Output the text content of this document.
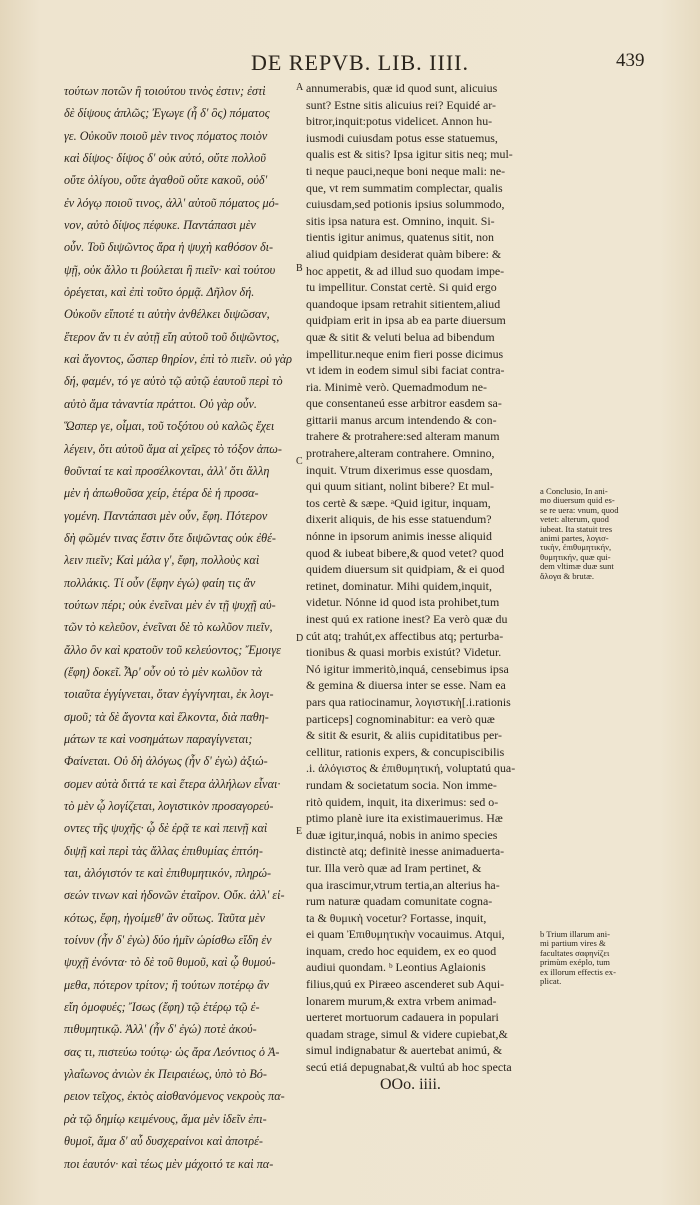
DE REPVB. LIB. IIII.	439
τούτων ποτῶν ἢ τοιούτου τινὸς ἐστιν; ἐστὶ
δὲ δίψους ἁπλῶς; Ἐγωγε (ἦ δ' ὃς) πόματος
γε. Οὐκοῦν ποιοῦ μὲν τινος πόματος ποιὸν
καὶ δίψος· δίψος δ' οὐκ αὐτό, οὔτε πολλοῦ
οὔτε ὀλίγου, οὔτε ἀγαθοῦ οὔτε κακοῦ, οὐδ'
ἐν λόγῳ ποιοῦ τινος, ἀλλ' αὐτοῦ πόματος μό-
νον, αὐτὸ δίψος πέφυκε. Παντάπασι μὲν
οὖν. Τοῦ διψῶντος ἄρα ἡ ψυχὴ καθόσον δι-
ψῇ, οὐκ ἄλλο τι βούλεται ἢ πιεῖν· καὶ τούτου
ὀρέγεται, καὶ ἐπὶ τοῦτο ὁρμᾷ. Δῆλον δή.
Οὐκοῦν εἴποτέ τι αὐτὴν ἀνθέλκει διψῶσαν,
ἕτερον ἄν τι ἐν αὐτῇ εἴη αὐτοῦ τοῦ διψῶντος,
καὶ ἄγοντος, ὥσπερ θηρίον, ἐπὶ τὸ πιεῖν. οὐ γὰρ
δή, φαμέν, τό γε αὐτὸ τῷ αὐτῷ ἑαυτοῦ περὶ τὸ
αὐτὸ ἅμα τἀναντία πράττοι. Οὐ γὰρ οὖν.
Ὥσπερ γε, οἶμαι, τοῦ τοξότου οὐ καλῶς ἔχει
λέγειν, ὅτι αὐτοῦ ἅμα αἱ χεῖρες τὸ τόξον ἀπω-
θοῦνταί τε καὶ προσέλκονται, ἀλλ' ὅτι ἄλλη
μὲν ἡ ἀπωθοῦσα χείρ, ἑτέρα δὲ ἡ προσα-
γομένη. Παντάπασι μὲν οὖν, ἔφη. Πότερον
δὴ φῶμέν τινας ἔστιν ὅτε διψῶντας οὐκ ἐθέ-
λειν πιεῖν; Καὶ μάλα γ', ἔφη, πολλοὺς καὶ
πολλάκις. Τί οὖν (ἔφην ἐγώ) φαίη τις ἂν
τούτων πέρι; οὐκ ἐνεῖναι μὲν ἐν τῇ ψυχῇ αὐ-
τῶν τὸ κελεῦον, ἐνεῖναι δὲ τὸ κωλῦον πιεῖν,
ἄλλο ὂν καὶ κρατοῦν τοῦ κελεύοντος; Ἔμοιγε
(ἔφη) δοκεῖ. Ἆρ' οὖν οὐ τὸ μὲν κωλῦον τὰ
τοιαῦτα ἐγγίγνεται, ὅταν ἐγγίγνηται, ἐκ λογι-
σμοῦ; τὰ δὲ ἄγοντα καὶ ἕλκοντα, διὰ παθη-
μάτων τε καὶ νοσημάτων παραγίγνεται;
Φαίνεται. Οὐ δὴ ἀλόγως (ἦν δ' ἐγὼ) ἀξιώ-
σομεν αὐτὰ διττά τε καὶ ἕτερα ἀλλήλων εἶναι·
τὸ μὲν ᾧ λογίζεται, λογιστικὸν προσαγορεύ-
οντες τῆς ψυχῆς· ᾧ δὲ ἐρᾷ τε καὶ πεινῇ καὶ
διψῇ καὶ περὶ τὰς ἄλλας ἐπιθυμίας ἐπτόη-
ται, ἀλόγιστόν τε καὶ ἐπιθυμητικόν, πληρώ-
σεών τινων καὶ ἡδονῶν ἑταῖρον. Οὔκ. ἀλλ' εἰ-
κότως, ἔφη, ἡγοίμεθ' ἂν οὕτως. Ταῦτα μὲν
τοίνυν (ἦν δ' ἐγὼ) δύο ἡμῖν ὡρίσθω εἴδη ἐν
ψυχῇ ἐνόντα· τὸ δὲ τοῦ θυμοῦ, καὶ ᾧ θυμού-
μεθα, πότερον τρίτον; ἢ τούτων ποτέρῳ ἂν
εἴη ὁμοφυές; Ἴσως (ἔφη) τῷ ἑτέρῳ τῷ ἐ-
πιθυμητικῷ. Ἀλλ' (ἦν δ' ἐγώ) ποτὲ ἀκού-
σας τι, πιστεύω τούτῳ· ὡς ἄρα Λεόντιος ὁ Ἀ-
γλαΐωνος ἀνιὼν ἐκ Πειραιέως, ὑπὸ τὸ Βό-
ρειον τεῖχος, ἐκτὸς αἰσθανόμενος νεκροὺς πα-
ρὰ τῷ δημίῳ κειμένους, ἅμα μὲν ἰδεῖν ἐπι-
θυμοῖ, ἅμα δ' αὖ δυσχεραίνοι καὶ ἀποτρέ-
ποι ἑαυτόν· καὶ τέως μὲν μάχοιτό τε καὶ πα-
annumerabis, quæ id quod sunt, alicuius
sunt? Estne sitis alicuius rei? Equidé ar-
bitror,inquit:potus videlicet. Annon hu-
iusmodi cuiusdam potus esse statuemus,
qualis est & sitis? Ipsa igitur sitis neq; mul-
ti neque pauci,neque boni neque mali: ne-
que, vt rem summatim complectar, qualis
cuiusdam,sed potionis ipsius solummodo,
sitis ipsa natura est. Omnino, inquit. Si-
tientis igitur animus, quatenus sitit, non
aliud quidpiam desiderat quàm bibere: &
hoc appetit, & ad illud suo quodam impe-
tu impellitur. Constat certè. Si quid ergo
quandoque ipsam retrahit sitientem,aliud
quidpiam erit in ipsa ab ea parte diuersum
quæ & sitit & veluti belua ad bibendum
impellitur.neque enim fieri posse dicimus
vt idem in eodem simul sibi faciat contra-
ria. Minimè verò. Quemadmodum ne-
que consentaneú esse arbitror easdem sa-
gittarii manus arcum intendendo & con-
trahere & protrahere:sed alteram manum
protrahere,alteram contrahere. Omnino,
inquit. Vtrum dixerimus esse quosdam,
qui quum sitiant, nolint bibere? Et mul-
tos certè & sæpe. ᵃQuid igitur, inquam,
dixerit aliquis, de his esse statuendum?
nónne in ipsorum animis inesse aliquid
quod & iubeat bibere,& quod vetet? quod
quidem diuersum sit quidpiam, & ei quod
retinet, dominatur. Mihi quidem,inquit,
videtur. Nónne id quod ista prohibet,tum
inest quú ex ratione inest? Ea verò quæ du
cút atq; trahút,ex affectibus atq; perturba-
tionibus & quasi morbis existút? Videtur.
Nó igitur immeritò,inquá, censebimus ipsa
& gemina & diuersa inter se esse. Nam ea
pars qua ratiocinamur, λογιστικὴ[.i.rationis
particeps] cognominabitur: ea verò quæ
& sitit & esurit, & aliis cupiditatibus per-
cellitur, rationis expers, & concupiscibilis
.i. ἀλόγιστος & ἐπιθυμητική, voluptatú qua-
rundam & societatum socia. Non imme-
ritò quidem, inquit, ita dixerimus: sed o-
ptimo planè iure ita existimauerimus. Hæ
duæ igitur,inquá, nobis in animo species
distinctè atq; definitè inesse animaduerta-
tur. Illa verò quæ ad Iram pertinet, &
qua irascimur,vtrum tertia,an alterius ha-
rum naturæ quadam comunitate cogna-
ta & θυμικὴ vocetur? Fortasse, inquit,
ei quam Ἐπιθυμητικὴν vocauimus. Atqui,
inquam, credo hoc equidem, ex eo quod
audiui quondam. ᵇ Leontius Aglaionis
filius,quú ex Piræeo ascenderet sub Aqui-
lonarem murum,& extra vrbem animad-
uerteret mortuorum cadauera in populari
quadam strage, simul & videre cupiebat,&
simul indignabatur & auertebat animú, &
secú etiá depugnabat,& vultú ab hoc specta
A
B
C
D
E
a Conclusio, In ani-
mo diuersum quid es-
se re uera: vnum, quod
vetet: alterum, quod
iubeat. Ita statuit tres
animi partes, λογισ-
τικὴν, ἐπιθυμητικήν,
θυμητικήν, quæ qui-
dem vltimæ duæ sunt
ἄλογα & brutæ.
b Trium illarum ani-
mi partium vires &
facultates σαφηνίζει
primùm exéplo, tum
ex illorum effectis ex-
plicat.
OOo. iiii.
